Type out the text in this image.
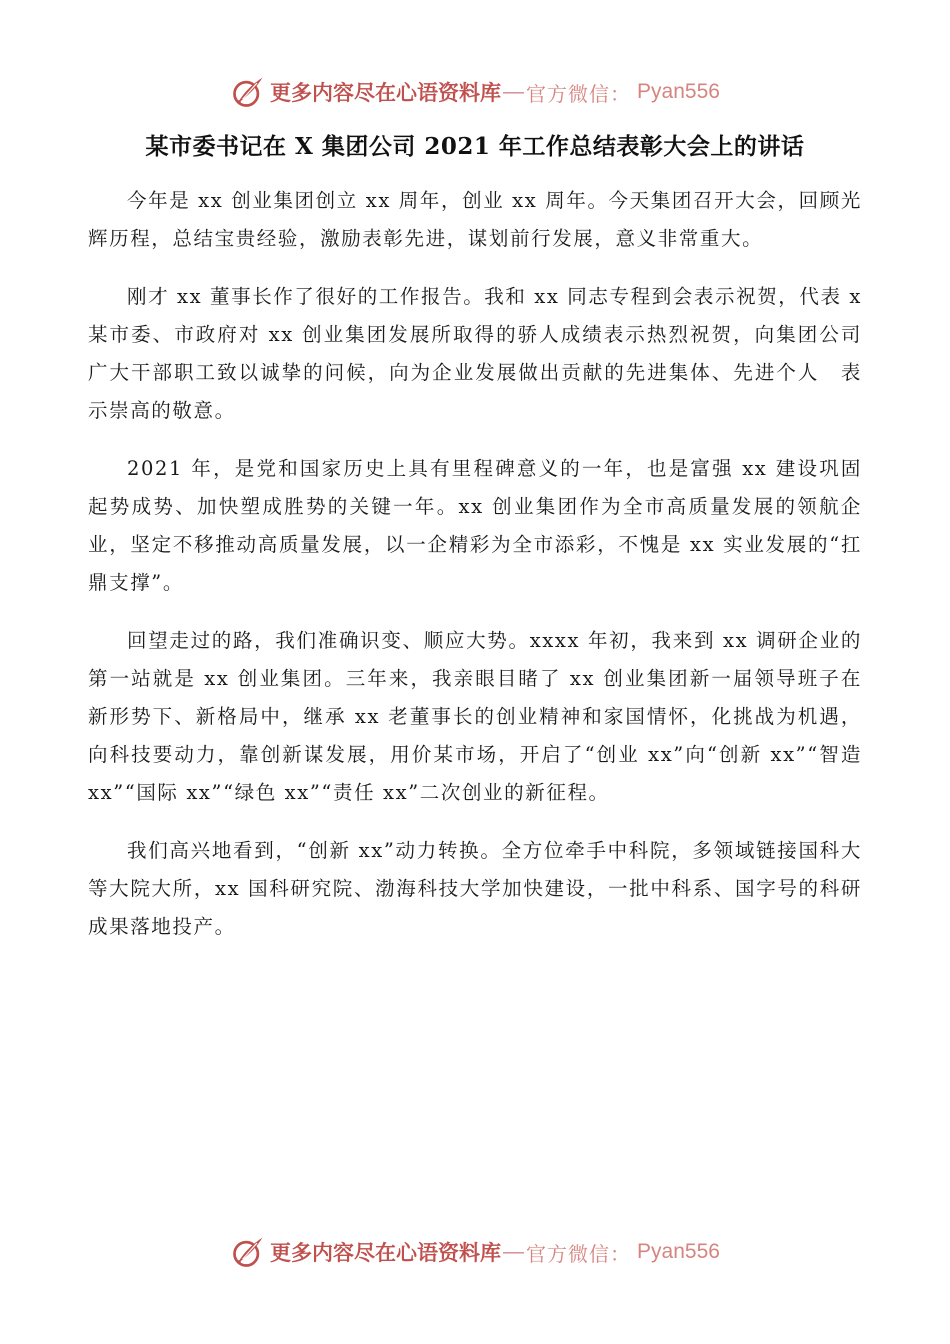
更多内容尽在心语资料库 — 官方微信： Pyan556
某市委书记在 X 集团公司 2021 年工作总结表彰大会上的讲话

今年是 xx 创业集团创立 xx 周年，创业 xx 周年。今天集团召开大会，回顾光辉历程，总结宝贵经验，激励表彰先进，谋划前行发展，意义非常重大。

刚才 xx 董事长作了很好的工作报告。我和 xx 同志专程到会表示祝贺，代表 x 某市委、市政府对 xx 创业集团发展所取得的骄人成绩表示热烈祝贺，向集团公司广大干部职工致以诚挚的问候，向为企业发展做出贡献的先进集体、先进个人　表示崇高的敬意。

2021 年，是党和国家历史上具有里程碑意义的一年，也是富强 xx 建设巩固起势成势、加快塑成胜势的关键一年。xx 创业集团作为全市高质量发展的领航企业，坚定不移推动高质量发展，以一企精彩为全市添彩，不愧是 xx 实业发展的“扛鼎支撑”。

回望走过的路，我们准确识变、顺应大势。xxxx 年初，我来到 xx 调研企业的第一站就是 xx 创业集团。三年来，我亲眼目睹了 xx 创业集团新一届领导班子在新形势下、新格局中，继承 xx 老董事长的创业精神和家国情怀，化挑战为机遇，向科技要动力，靠创新谋发展，用价某市场，开启了“创业 xx”向“创新 xx”“智造 xx”“国际 xx”“绿色 xx”“责任 xx”二次创业的新征程。

我们高兴地看到，“创新 xx”动力转换。全方位牵手中科院，多领域链接国科大等大院大所，xx 国科研究院、渤海科技大学加快建设，一批中科系、国字号的科研成果落地投产。

更多内容尽在心语资料库 — 官方微信： Pyan556
